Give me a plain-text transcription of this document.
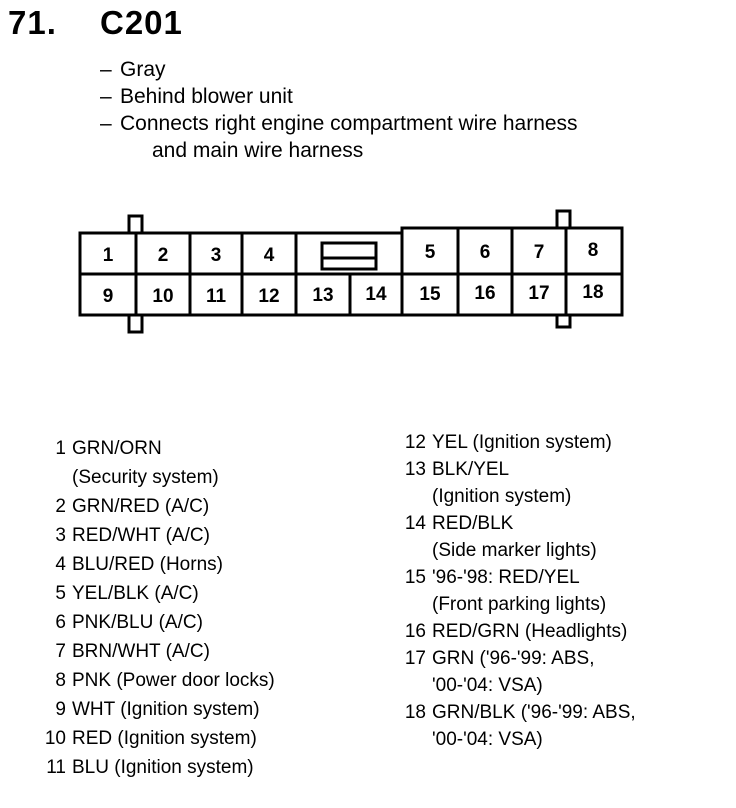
71. C201
– Gray
– Behind blower unit
– Connects right engine compartment wire harness
and main wire harness
1 2 3 4	5 6 7 8
9 10 11 12 13 14 15 16 17 18
1 GRN/ORN
(Security system)
2 GRN/RED (A/C)
3 RED/WHT (A/C)
4 BLU/RED (Horns)
5 YEL/BLK (A/C)
6 PNK/BLU (A/C)
7 BRN/WHT (A/C)
8 PNK (Power door locks)
9 WHT (Ignition system)
10 RED (Ignition system)
11 BLU (Ignition system)
12 YEL (Ignition system)
13 BLK/YEL
(Ignition system)
14 RED/BLK
(Side marker lights)
15 '96-'98: RED/YEL
(Front parking lights)
16 RED/GRN (Headlights)
17 GRN ('96-'99: ABS,
'00-'04: VSA)
18 GRN/BLK ('96-'99: ABS,
'00-'04: VSA)
